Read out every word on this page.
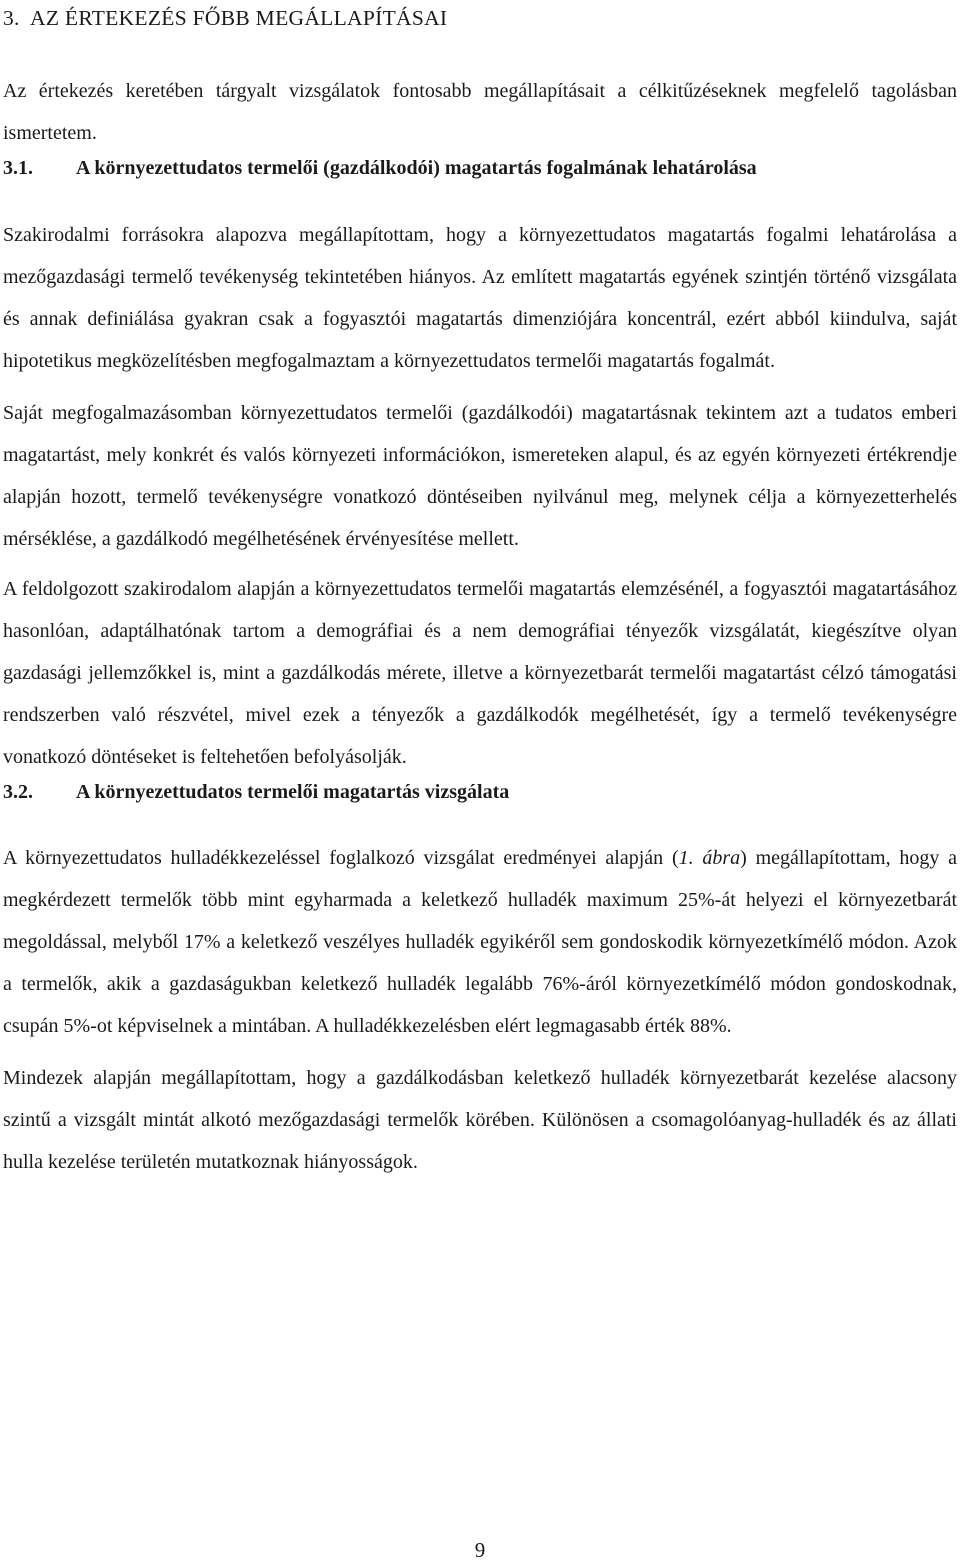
3. AZ ÉRTEKEZÉS FŐBB MEGÁLLAPÍTÁSAI

Az értekezés keretében tárgyalt vizsgálatok fontosabb megállapításait a célkitűzéseknek megfelelő tagolásban ismertetem.

3.1. A környezettudatos termelői (gazdálkodói) magatartás fogalmának lehatárolása

Szakirodalmi forrásokra alapozva megállapítottam, hogy a környezettudatos magatartás fogalmi lehatárolása a mezőgazdasági termelő tevékenység tekintetében hiányos. Az említett magatartás egyének szintjén történő vizsgálata és annak definiálása gyakran csak a fogyasztói magatartás dimenziójára koncentrál, ezért abból kiindulva, saját hipotetikus megközelítésben megfogalmaztam a környezettudatos termelői magatartás fogalmát.

Saját megfogalmazásomban környezettudatos termelői (gazdálkodói) magatartásnak tekintem azt a tudatos emberi magatartást, mely konkrét és valós környezeti információkon, ismereteken alapul, és az egyén környezeti értékrendje alapján hozott, termelő tevékenységre vonatkozó döntéseiben nyilvánul meg, melynek célja a környezetterhelés mérséklése, a gazdálkodó megélhetésének érvényesítése mellett.

A feldolgozott szakirodalom alapján a környezettudatos termelői magatartás elemzésénél, a fogyasztói magatartásához hasonlóan, adaptálhatónak tartom a demográfiai és a nem demográfiai tényezők vizsgálatát, kiegészítve olyan gazdasági jellemzőkkel is, mint a gazdálkodás mérete, illetve a környezetbarát termelői magatartást célzó támogatási rendszerben való részvétel, mivel ezek a tényezők a gazdálkodók megélhetését, így a termelő tevékenységre vonatkozó döntéseket is feltehetően befolyásolják.

3.2. A környezettudatos termelői magatartás vizsgálata

A környezettudatos hulladékkezeléssel foglalkozó vizsgálat eredményei alapján (1. ábra) megállapítottam, hogy a megkérdezett termelők több mint egyharmada a keletkező hulladék maximum 25%-át helyezi el környezetbarát megoldással, melyből 17% a keletkező veszélyes hulladék egyikéről sem gondoskodik környezetkímélő módon. Azok a termelők, akik a gazdaságukban keletkező hulladék legalább 76%-áról környezetkímélő módon gondoskodnak, csupán 5%-ot képviselnek a mintában. A hulladékkezelésben elért legmagasabb érték 88%.

Mindezek alapján megállapítottam, hogy a gazdálkodásban keletkező hulladék környezetbarát kezelése alacsony szintű a vizsgált mintát alkotó mezőgazdasági termelők körében. Különösen a csomagolóanyag-hulladék és az állati hulla kezelése területén mutatkoznak hiányosságok.

9
